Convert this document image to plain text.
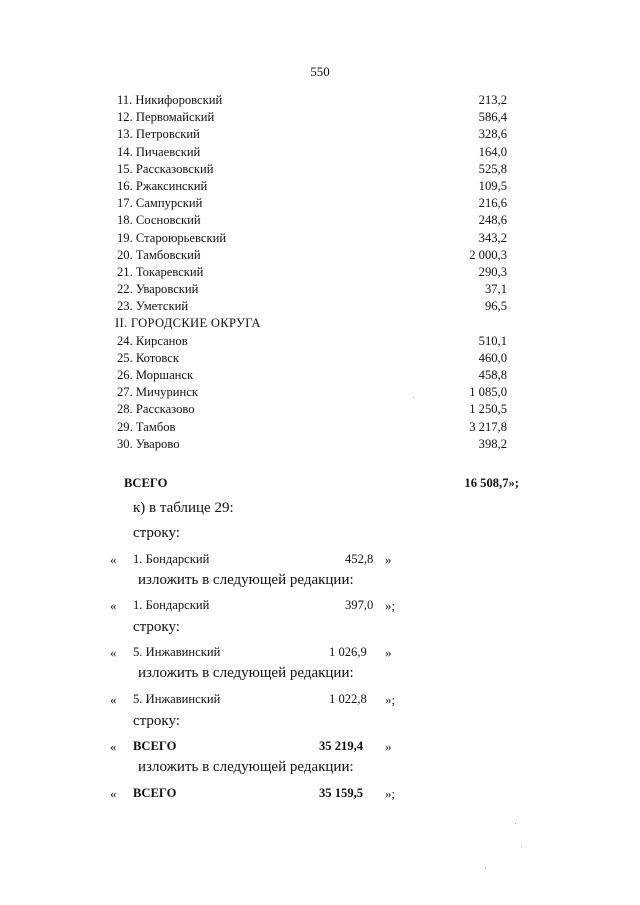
550
11. Никифоровский	213,2
12. Первомайский	586,4
13. Петровский	328,6
14. Пичаевский	164,0
15. Рассказовский	525,8
16. Ржаксинский	109,5
17. Сампурский	216,6
18. Сосновский	248,6
19. Староюрьевский	343,2
20. Тамбовский	2 000,3
21. Токаревский	290,3
22. Уваровский	37,1
23. Уметский	96,5
II. ГОРОДСКИЕ ОКРУГА
24. Кирсанов	510,1
25. Котовск	460,0
26. Моршанск	458,8
27. Мичуринск	1 085,0
28. Рассказово	1 250,5
29. Тамбов	3 217,8
30. Уварово	398,2
ВСЕГО	16 508,7»;
к) в таблице 29:
строку:
« 1. Бондарский	452,8 »
изложить в следующей редакции:
« 1. Бондарский	397,0 »;
строку:
« 5. Инжавинский	1 026,9 »
изложить в следующей редакции:
« 5. Инжавинский	1 022,8 »;
строку:
« ВСЕГО	35 219,4 »
изложить в следующей редакции:
« ВСЕГО	35 159,5 »;
